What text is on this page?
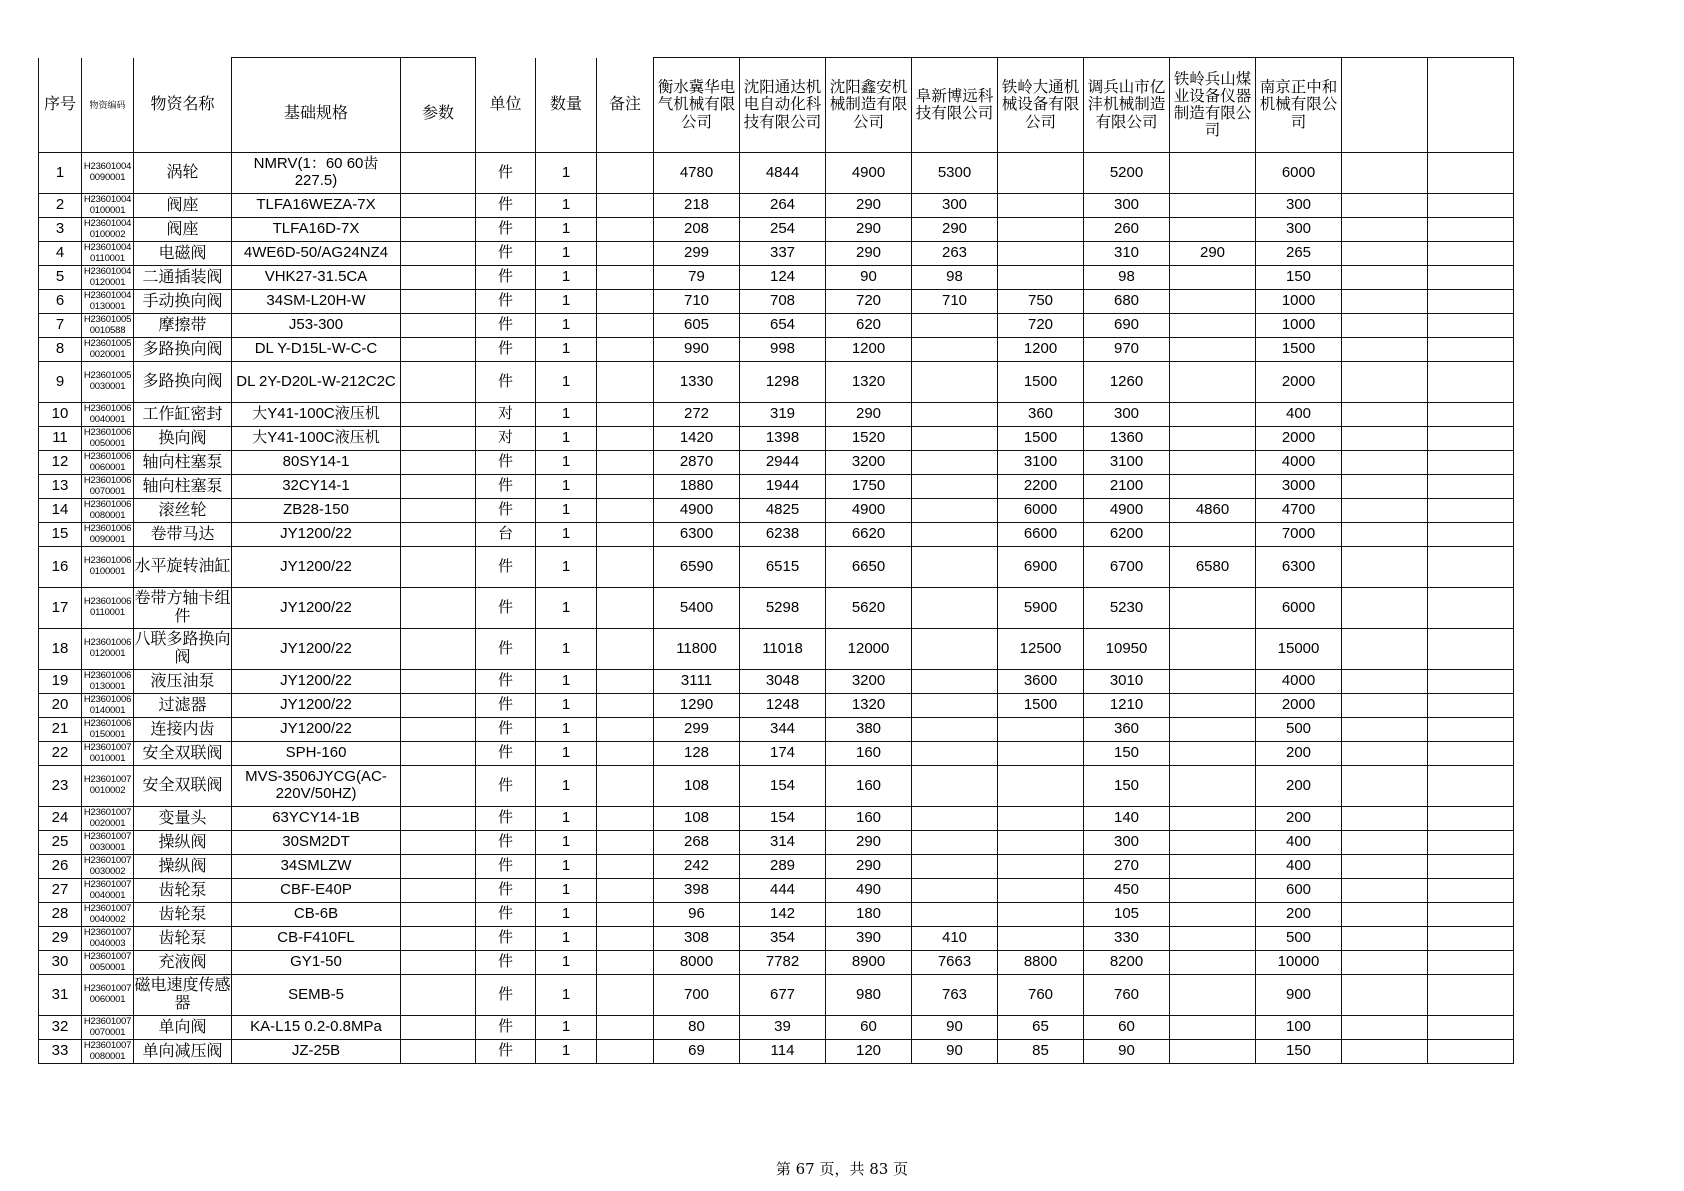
序号	物资编码	物资名称	基础规格	参数	单位	数量	备注	衡水冀华电气机械有限公司	沈阳通达机电自动化科技有限公司	沈阳鑫安机械制造有限公司	阜新博远科技有限公司	铁岭大通机械设备有限公司	调兵山市亿沣机械制造有限公司	铁岭兵山煤业设备仪器制造有限公司	南京正中和机械有限公司		
1	H23601004 0090001	涡轮	NMRV(1：60 60齿 227.5)		件	1		4780	4844	4900	5300		5200		6000		
2	H23601004 0100001	阀座	TLFA16WEZA-7X		件	1		218	264	290	300		300		300		
3	H23601004 0100002	阀座	TLFA16D-7X		件	1		208	254	290	290		260		300		
4	H23601004 0110001	电磁阀	4WE6D-50/AG24NZ4		件	1		299	337	290	263		310	290	265		
5	H23601004 0120001	二通插装阀	VHK27-31.5CA		件	1		79	124	90	98		98		150		
6	H23601004 0130001	手动换向阀	34SM-L20H-W		件	1		710	708	720	710	750	680		1000		
7	H23601005 0010588	摩擦带	J53-300		件	1		605	654	620		720	690		1000		
8	H23601005 0020001	多路换向阀	DL Y-D15L-W-C-C		件	1		990	998	1200		1200	970		1500		
9	H23601005 0030001	多路换向阀	DL 2Y-D20L-W-212C2C		件	1		1330	1298	1320		1500	1260		2000		
10	H23601006 0040001	工作缸密封	大Y41-100C液压机		对	1		272	319	290		360	300		400		
11	H23601006 0050001	换向阀	大Y41-100C液压机		对	1		1420	1398	1520		1500	1360		2000		
12	H23601006 0060001	轴向柱塞泵	80SY14-1		件	1		2870	2944	3200		3100	3100		4000		
13	H23601006 0070001	轴向柱塞泵	32CY14-1		件	1		1880	1944	1750		2200	2100		3000		
14	H23601006 0080001	滚丝轮	ZB28-150		件	1		4900	4825	4900		6000	4900	4860	4700		
15	H23601006 0090001	卷带马达	JY1200/22		台	1		6300	6238	6620		6600	6200		7000		
16	H23601006 0100001	水平旋转油缸	JY1200/22		件	1		6590	6515	6650		6900	6700	6580	6300		
17	H23601006 0110001	卷带方轴卡组件	JY1200/22		件	1		5400	5298	5620		5900	5230		6000		
18	H23601006 0120001	八联多路换向阀	JY1200/22		件	1		11800	11018	12000		12500	10950		15000		
19	H23601006 0130001	液压油泵	JY1200/22		件	1		3111	3048	3200		3600	3010		4000		
20	H23601006 0140001	过滤器	JY1200/22		件	1		1290	1248	1320		1500	1210		2000		
21	H23601006 0150001	连接内齿	JY1200/22		件	1		299	344	380			360		500		
22	H23601007 0010001	安全双联阀	SPH-160		件	1		128	174	160			150		200		
23	H23601007 0010002	安全双联阀	MVS-3506JYCG(AC-220V/50HZ)		件	1		108	154	160			150		200		
24	H23601007 0020001	变量头	63YCY14-1B		件	1		108	154	160			140		200		
25	H23601007 0030001	操纵阀	30SM2DT		件	1		268	314	290			300		400		
26	H23601007 0030002	操纵阀	34SMLZW		件	1		242	289	290			270		400		
27	H23601007 0040001	齿轮泵	CBF-E40P		件	1		398	444	490			450		600		
28	H23601007 0040002	齿轮泵	CB-6B		件	1		96	142	180			105		200		
29	H23601007 0040003	齿轮泵	CB-F410FL		件	1		308	354	390	410		330		500		
30	H23601007 0050001	充液阀	GY1-50		件	1		8000	7782	8900	7663	8800	8200		10000		
31	H23601007 0060001	磁电速度传感器	SEMB-5		件	1		700	677	980	763	760	760		900		
32	H23601007 0070001	单向阀	KA-L15 0.2-0.8MPa		件	1		80	39	60	90	65	60		100		
33	H23601007 0080001	单向减压阀	JZ-25B		件	1		69	114	120	90	85	90		150		
第 67 页，共 83 页
